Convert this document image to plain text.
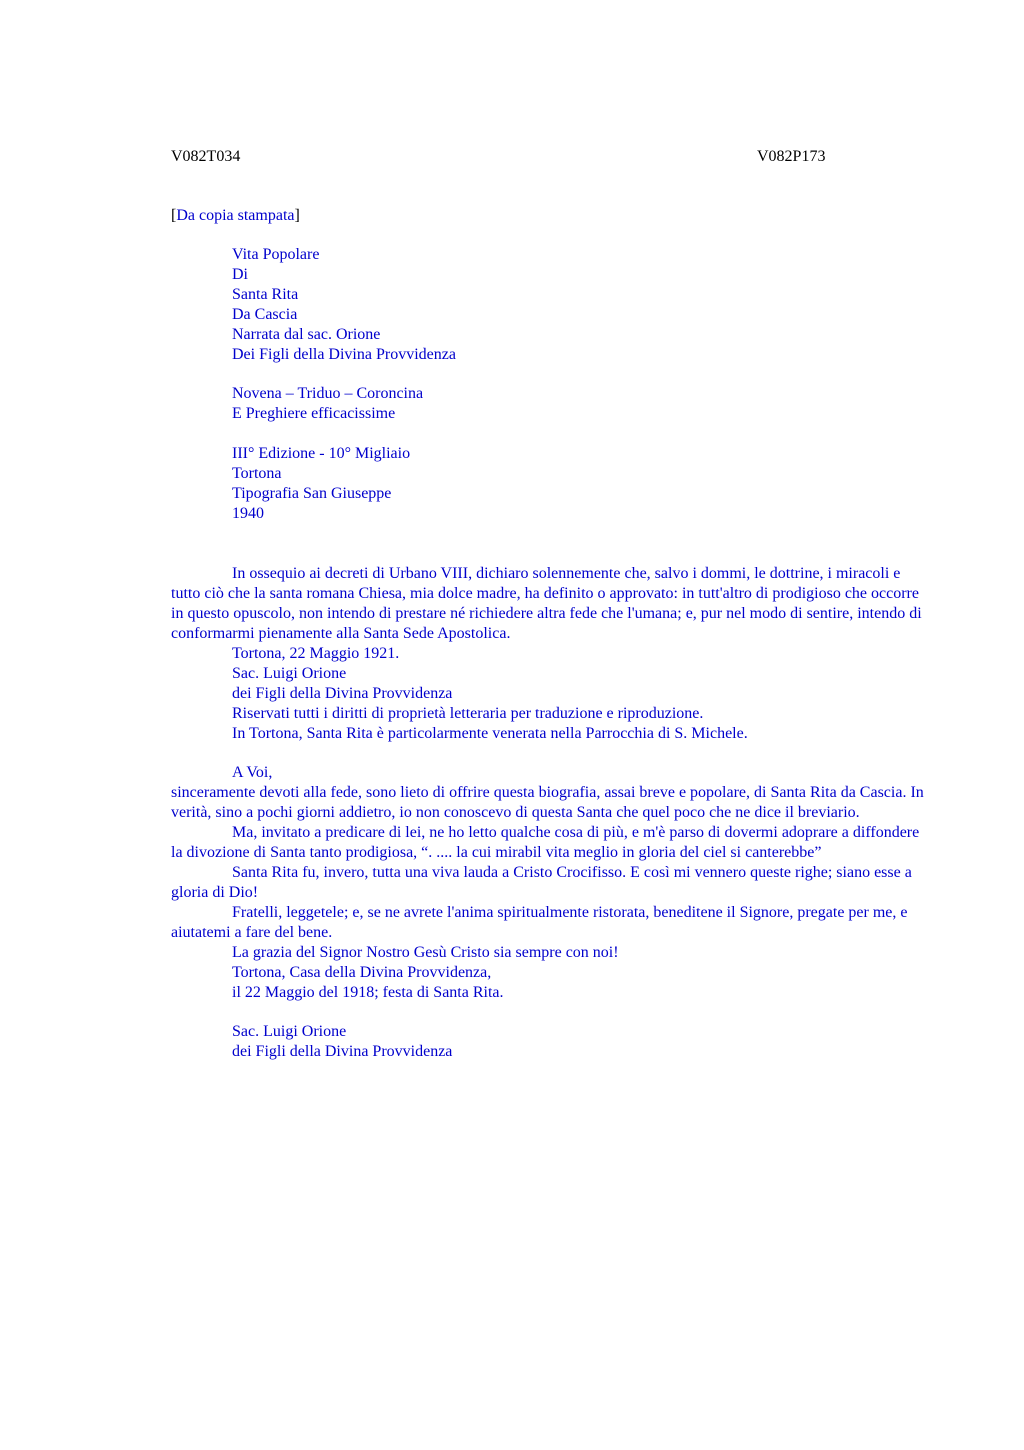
V082T034	V082P173
[Da copia stampata]
Vita Popolare
Di
Santa Rita
Da Cascia
Narrata dal sac. Orione
Dei Figli della Divina Provvidenza
Novena – Triduo – Coroncina
E Preghiere efficacissime
III° Edizione - 10° Migliaio
Tortona
Tipografia San Giuseppe
1940

In ossequio ai decreti di Urbano VIII, dichiaro solennemente che, salvo i dommi, le dottrine, i miracoli e tutto ciò che la santa romana Chiesa, mia dolce madre, ha definito o approvato: in tutt'altro di prodigioso che occorre in questo opuscolo, non intendo di prestare né richiedere altra fede che l'umana; e, pur nel modo di sentire, intendo di conformarmi pienamente alla Santa Sede Apostolica.

Tortona, 22 Maggio 1921.
Sac. Luigi Orione
dei Figli della Divina Provvidenza
Riservati tutti i diritti di proprietà letteraria per traduzione e riproduzione.
In Tortona, Santa Rita è particolarmente venerata nella Parrocchia di S. Michele.
A Voi,

sinceramente devoti alla fede, sono lieto di offrire questa biografia, assai breve e popolare, di Santa Rita da Cascia. In verità, sino a pochi giorni addietro, io non conoscevo di questa Santa che quel poco che ne dice il breviario.

Ma, invitato a predicare di lei, ne ho letto qualche cosa di più, e m'è parso di dovermi adoprare a diffondere la divozione di Santa tanto prodigiosa, “. .... la cui mirabil vita meglio in gloria del ciel si canterebbe”

Santa Rita fu, invero, tutta una viva lauda a Cristo Crocifisso. E così mi vennero queste righe; siano esse a gloria di Dio!

Fratelli, leggetele; e, se ne avrete l'anima spiritualmente ristorata, beneditene il Signore, pregate per me, e aiutatemi a fare del bene.

La grazia del Signor Nostro Gesù Cristo sia sempre con noi!
Tortona, Casa della Divina Provvidenza,
il 22 Maggio del 1918; festa di Santa Rita.
Sac. Luigi Orione
dei Figli della Divina Provvidenza
